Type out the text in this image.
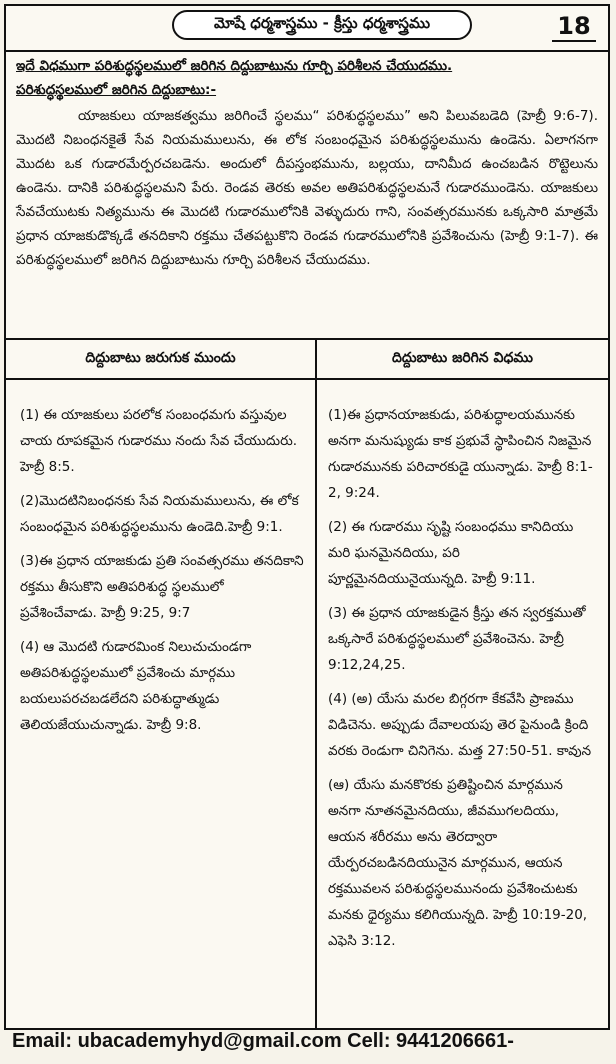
మోషే ధర్మశాస్త్రము - క్రీస్తు ధర్మశాస్త్రము	18
ఇదే విధముగా పరిశుద్ధస్థలములో జరిగిన దిద్దుబాటును గూర్చి పరిశీలన చేయుదము.
పరిశుద్ధస్థలములో జరిగిన దిద్దుబాటు:-
యాజకులు యాజకత్వము జరిగించే స్థలము“ పరిశుద్ధస్థలము” అని పిలువబడెది (హెబ్రీ 9:6-7). మొదటి నిబంధనకైతే సేవ నియమములును, ఈ లోక సంబంధమైన పరిశుద్ధస్థలమును ఉండెను. ఏలాగనగా మొదట ఒక గుడారమేర్పరచబడెను. అందులో దీపస్తంభమును, బల్లయు, దానిమీద ఉంచబడిన రొట్టెలును ఉండెను. దానికి పరిశుద్ధస్థలమని పేరు. రెండవ తెరకు అవల అతిపరిశుద్ధస్థలమనే గుడారముండెను. యాజకులు సేవచేయుటకు నిత్యమును ఈ మొదటి గుడారములోనికి వెళ్ళుదురు గాని, సంవత్సరమునకు ఒక్కసారి మాత్రమే ప్రధాన యాజకుడొక్కడే తనదికాని రక్తము చేతపట్టుకొని రెండవ గుడారములోనికి ప్రవేశించును (హెబ్రీ 9:1-7). ఈ పరిశుద్ధస్థలములో జరిగిన దిద్దుబాటును గూర్చి పరిశీలన చేయుదము.
దిద్దుబాటు జరుగుక ముందు	దిద్దుబాటు జరిగిన విధము
(1) ఈ యాజకులు పరలోక సంబంధమగు వస్తువుల చాయ రూపకమైన గుడారము నందు సేవ చేయుదురు. హెబ్రీ 8:5.
(2)మొదటినిబంధనకు సేవ నియమములును, ఈ లోక సంబంధమైన పరిశుద్ధస్థలమును ఉండెది.హెబ్రీ 9:1.
(3)ఈ ప్రధాన యాజకుడు ప్రతి సంవత్సరము తనదికాని రక్తము తీసుకొని అతిపరిశుద్ధ స్థలములో ప్రవేశించేవాడు. హెబ్రీ 9:25, 9:7
(4) ఆ మొదటి గుడారమింక నిలుచుచుండగా అతిపరిశుద్ధస్థలములో ప్రవేశించు మార్గము బయలుపరచబడలేదని పరిశుద్ధాత్ముడు తెలియజేయుచున్నాడు. హెబ్రీ 9:8.
(1)ఈ ప్రధానయాజకుడు, పరిశుద్ధాలయమునకు అనగా మనుష్యుడు కాక ప్రభువే స్థాపించిన నిజమైన గుడారమునకు పరిచారకుడై యున్నాడు. హెబ్రీ 8:1-2, 9:24.
(2) ఈ గుడారము సృష్టి సంబంధము కానిదియు మరి ఘనమైనదియు, పరి పూర్ణమైనదియునైయున్నది. హెబ్రీ 9:11.
(3) ఈ ప్రధాన యాజకుడైన క్రీస్తు తన స్వరక్తముతో ఒక్కసారే పరిశుద్ధస్థలములో ప్రవేశించెను. హెబ్రీ 9:12,24,25.
(4) (అ) యేసు మరల బిగ్గరగా కేకవేసి ప్రాణము విడిచెను. అప్పుడు దేవాలయపు తెర పైనుండి క్రింది వరకు రెండుగా చినిగెను. మత్త 27:50-51. కావున
(ఆ) యేసు మనకొరకు ప్రతిష్టించిన మార్గమున అనగా నూతనమైనదియు, జీవముగలదియు, ఆయన శరీరము అను తెరద్వారా యేర్పరచబడినదియునైన మార్గమున, ఆయన రక్తమువలన పరిశుద్ధస్థలమునందు ప్రవేశించుటకు మనకు ధైర్యము కలిగియున్నది. హెబ్రీ 10:19-20, ఎఫెసి 3:12.
Email: ubacademyhyd@gmail.com Cell: 9441206661-
